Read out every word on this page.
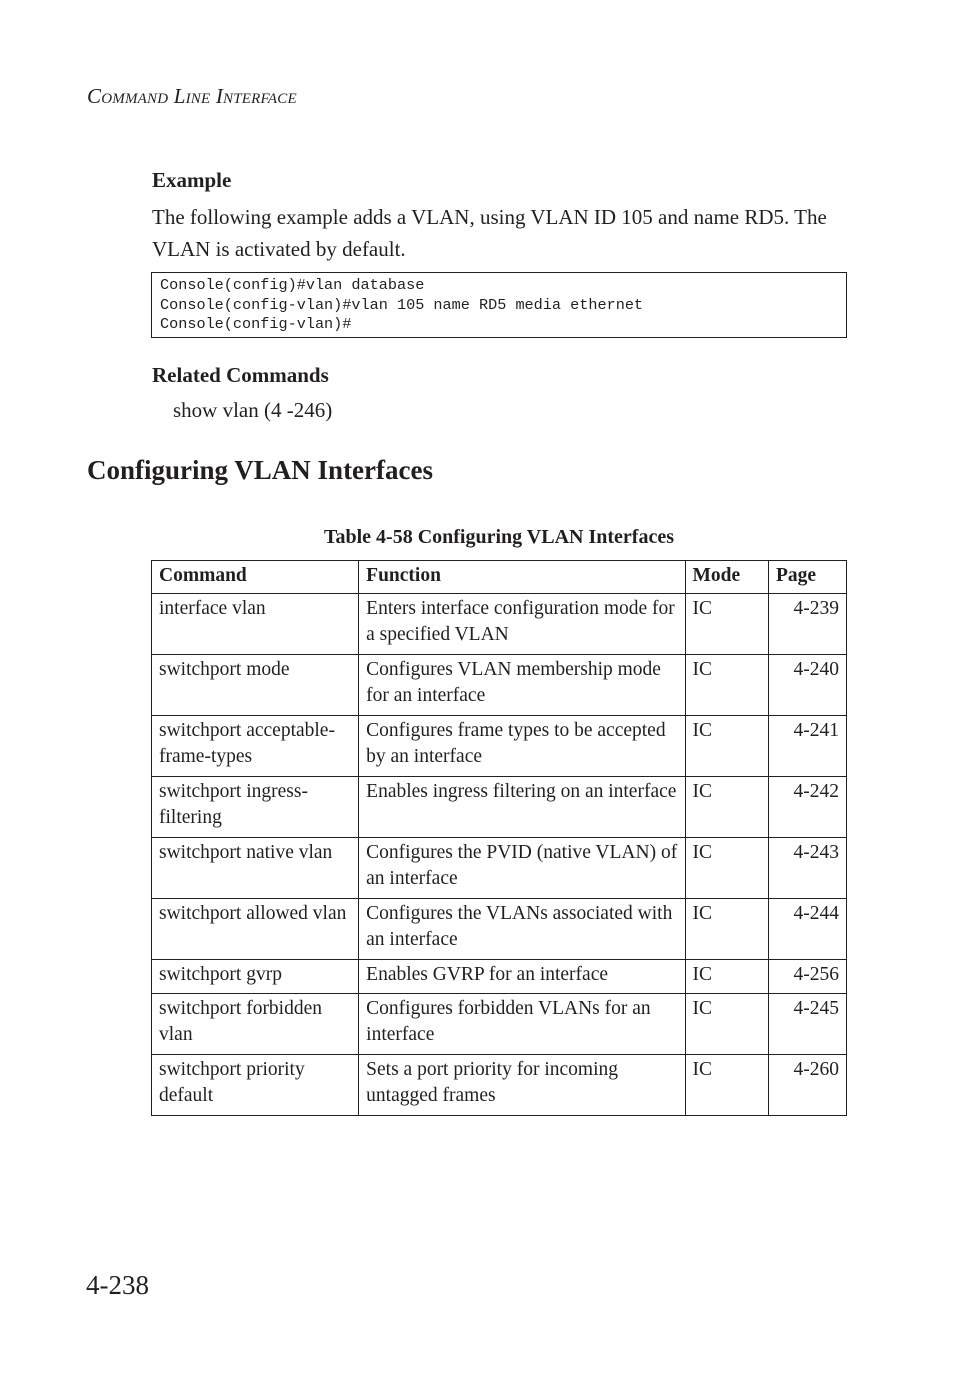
COMMAND LINE INTERFACE
Example
The following example adds a VLAN, using VLAN ID 105 and name RD5. The VLAN is activated by default.
Console(config)#vlan database
Console(config-vlan)#vlan 105 name RD5 media ethernet
Console(config-vlan)#
Related Commands
show vlan (4 -246)
Configuring VLAN Interfaces
Table 4-58 Configuring VLAN Interfaces
Command	Function	Mode	Page
interface vlan	Enters interface configuration mode for a specified VLAN	IC	4-239
switchport mode	Configures VLAN membership mode for an interface	IC	4-240
switchport acceptable-frame-types	Configures frame types to be accepted by an interface	IC	4-241
switchport ingress-filtering	Enables ingress filtering on an interface	IC	4-242
switchport native vlan	Configures the PVID (native VLAN) of an interface	IC	4-243
switchport allowed vlan	Configures the VLANs associated with an interface	IC	4-244
switchport gvrp	Enables GVRP for an interface	IC	4-256
switchport forbidden vlan	Configures forbidden VLANs for an interface	IC	4-245
switchport priority default	Sets a port priority for incoming untagged frames	IC	4-260
4-238
